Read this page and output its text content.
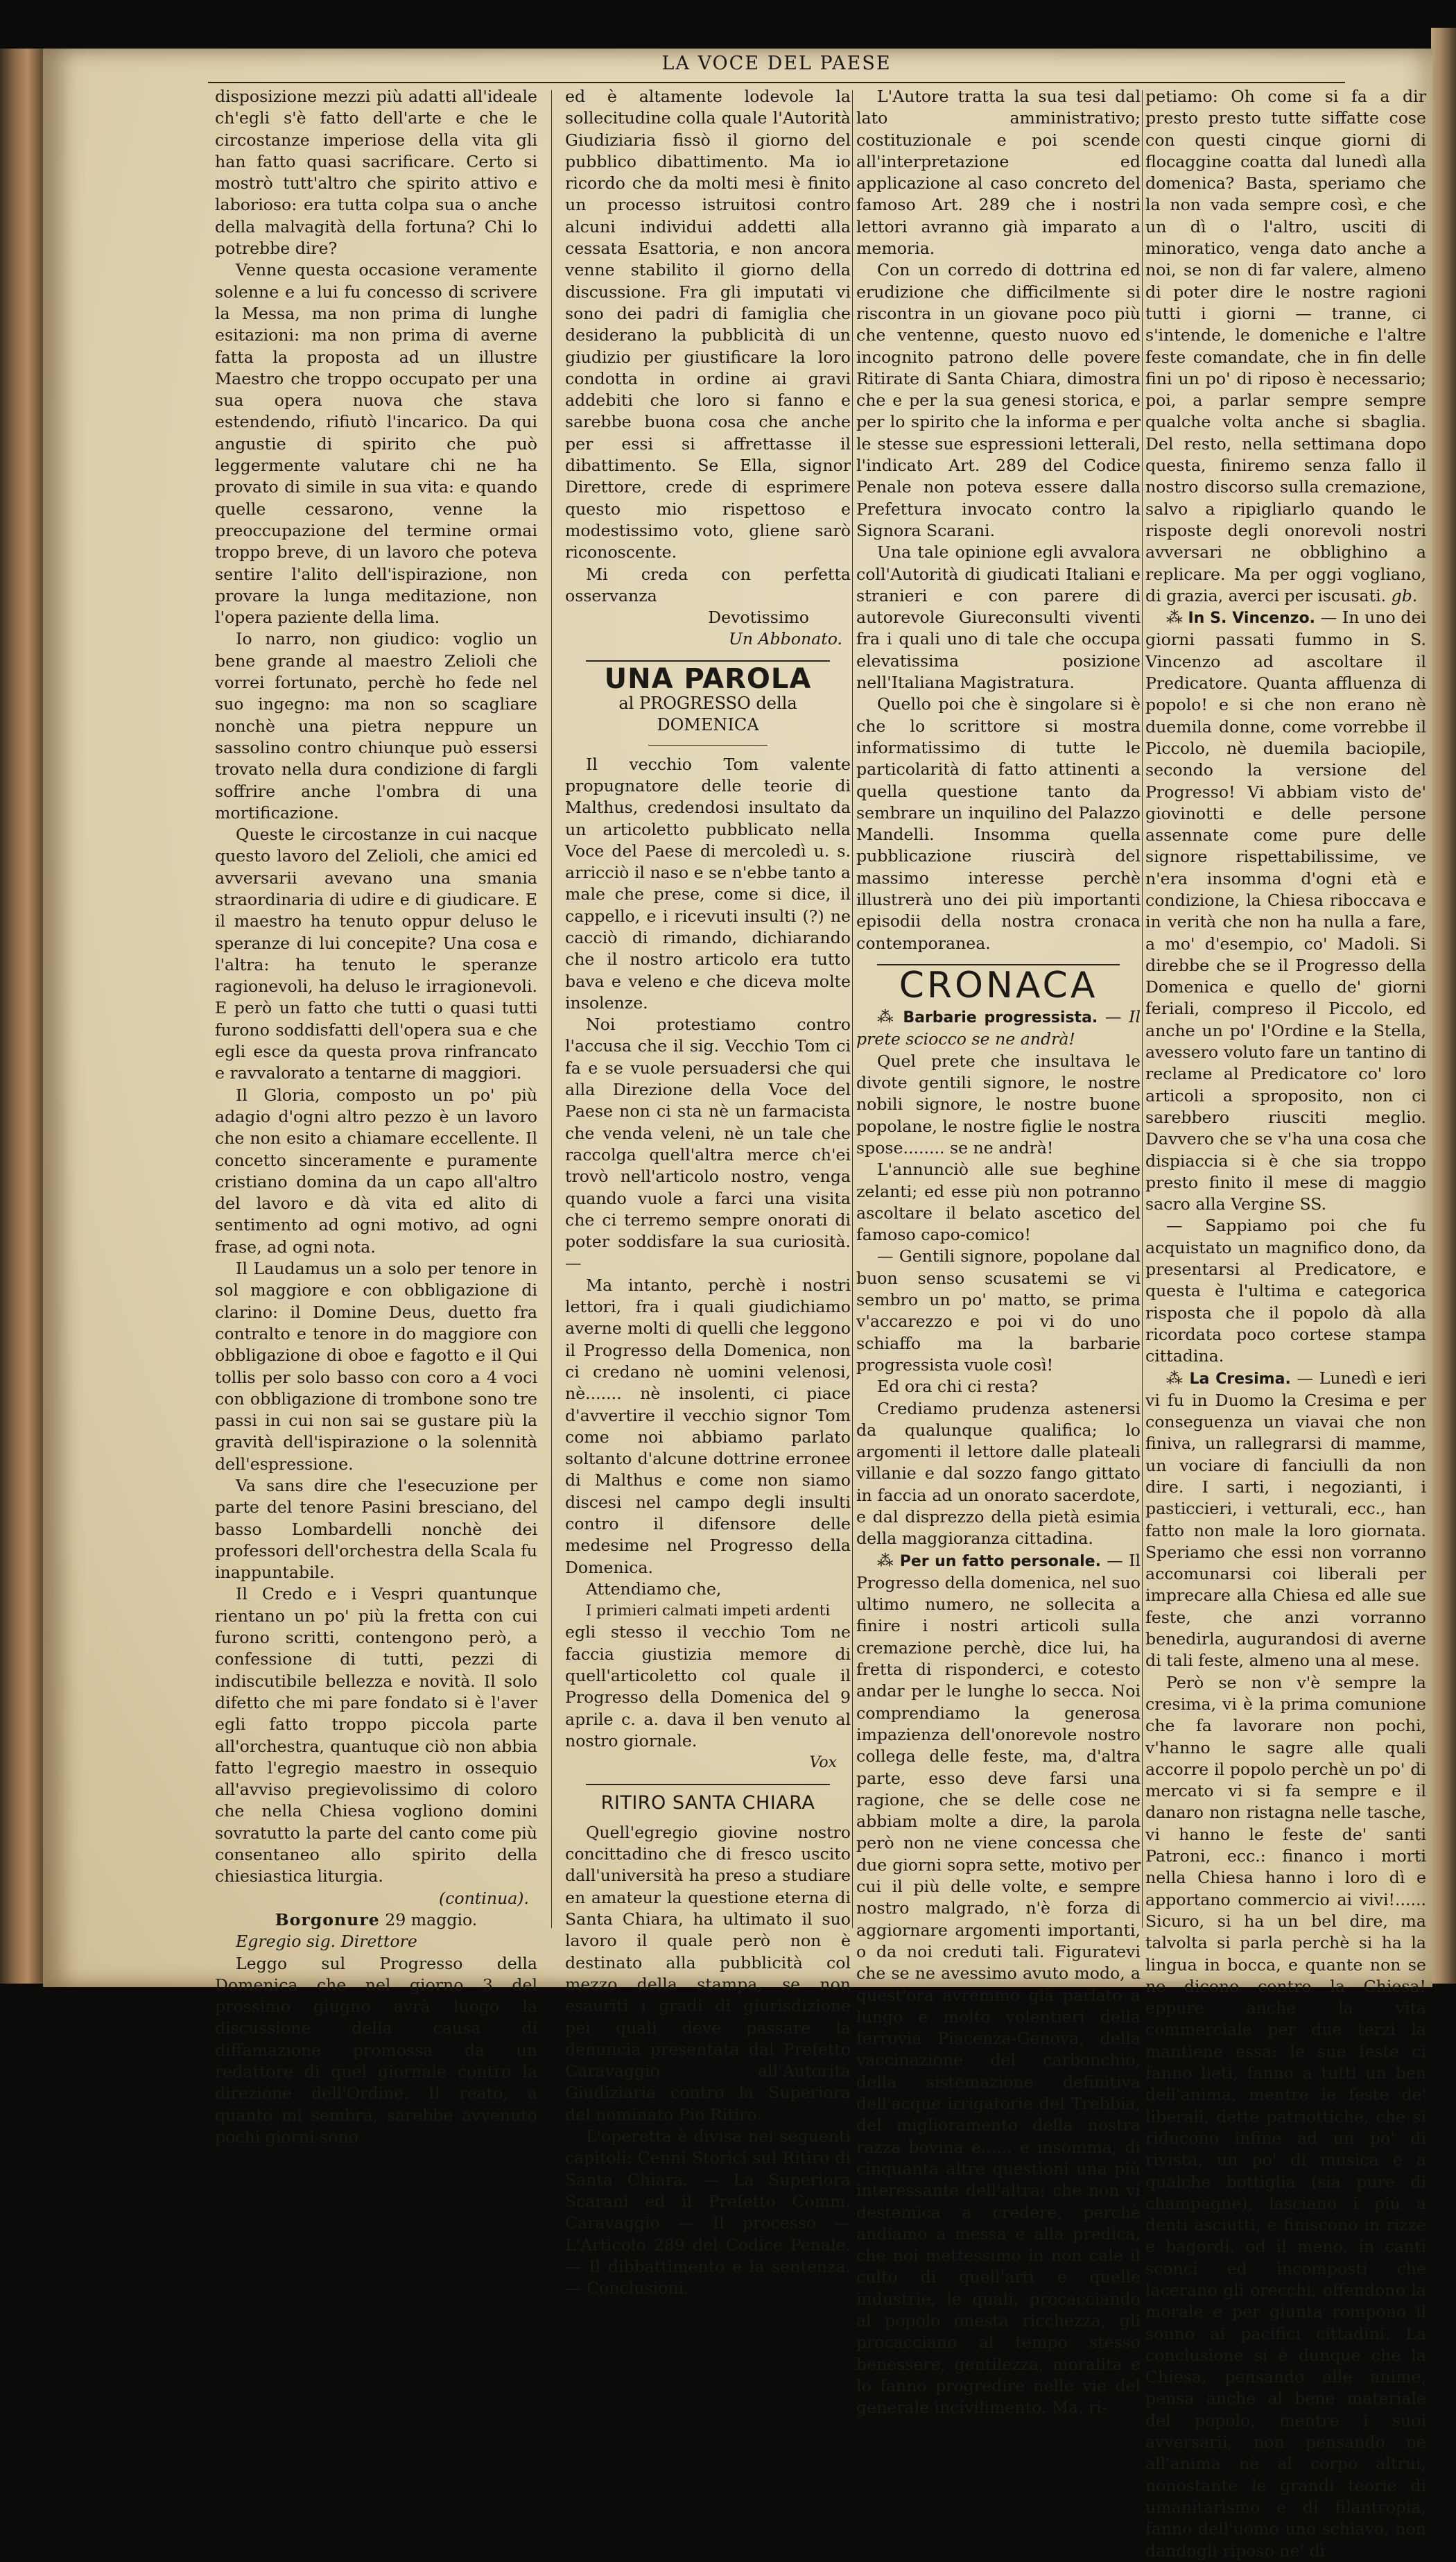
LA VOCE DEL PAESE

disposizione mezzi più adatti all'ideale ch'egli s'è fatto dell'arte e che le circostanze imperiose della vita gli han fatto quasi sacrificare. Certo si mostrò tutt'altro che spirito attivo e laborioso: era tutta colpa sua o anche della malvagità della fortuna? Chi lo potrebbe dire?

Venne questa occasione veramente solenne e a lui fu concesso di scrivere la Messa, ma non prima di lunghe esitazioni: ma non prima di averne fatta la proposta ad un illustre Maestro che troppo occupato per una sua opera nuova che stava estendendo, rifiutò l'incarico. Da qui angustie di spirito che può leggermente valutare chi ne ha provato di simile in sua vita: e quando quelle cessarono, venne la preoccupazione del termine ormai troppo breve, di un lavoro che poteva sentire l'alito dell'ispirazione, non provare la lunga meditazione, non l'opera paziente della lima.

Io narro, non giudico: voglio un bene grande al maestro Zelioli che vorrei fortunato, perchè ho fede nel suo ingegno: ma non so scagliare nonchè una pietra neppure un sassolino contro chiunque può essersi trovato nella dura condizione di fargli soffrire anche l'ombra di una mortificazione.

Queste le circostanze in cui nacque questo lavoro del Zelioli, che amici ed avversarii avevano una smania straordinaria di udire e di giudicare. E il maestro ha tenuto oppur deluso le speranze di lui concepite? Una cosa e l'altra: ha tenuto le speranze ragionevoli, ha deluso le irragionevoli. E però un fatto che tutti o quasi tutti furono soddisfatti dell'opera sua e che egli esce da questa prova rinfrancato e ravvalorato a tentarne di maggiori.

Il Gloria, composto un po' più adagio d'ogni altro pezzo è un lavoro che non esito a chiamare eccellente. Il concetto sinceramente e puramente cristiano domina da un capo all'altro del lavoro e dà vita ed alito di sentimento ad ogni motivo, ad ogni frase, ad ogni nota.

Il Laudamus un a solo per tenore in sol maggiore e con obbligazione di clarino: il Domine Deus, duetto fra contralto e tenore in do maggiore con obbligazione di oboe e fagotto e il Qui tollis per solo basso con coro a 4 voci con obbligazione di trombone sono tre passi in cui non sai se gustare più la gravità dell'ispirazione o la solennità dell'espressione.

Va sans dire che l'esecuzione per parte del tenore Pasini bresciano, del basso Lombardelli nonchè dei professori dell'orchestra della Scala fu inappuntabile.

Il Credo e i Vespri quantunque rientano un po' più la fretta con cui furono scritti, contengono però, a confessione di tutti, pezzi di indiscutibile bellezza e novità. Il solo difetto che mi pare fondato si è l'aver egli fatto troppo piccola parte all'orchestra, quantuque ciò non abbia fatto l'egregio maestro in ossequio all'avviso pregievolissimo di coloro che nella Chiesa vogliono domini sovratutto la parte del canto come più consentaneo allo spirito della chiesiastica liturgia.

(continua).

Borgonure 29 maggio.

Egregio sig. Direttore

Leggo sul Progresso della Domenica che nel giorno 3 del prossimo giugno avrà luogo la discussione della causa di diffamazione promossa da un redattore di quel giornale contro la direzione dell'Ordine. Il reato, a quanto mi sembra, sarebbe avvenuto pochi giorni sono

ed è altamente lodevole la sollecitudine colla quale l'Autorità Giudiziaria fissò il giorno del pubblico dibattimento. Ma io ricordo che da molti mesi è finito un processo istruitosi contro alcuni individui addetti alla cessata Esattoria, e non ancora venne stabilito il giorno della discussione. Fra gli imputati vi sono dei padri di famiglia che desiderano la pubblicità di un giudizio per giustificare la loro condotta in ordine ai gravi addebiti che loro si fanno e sarebbe buona cosa che anche per essi si affrettasse il dibattimento. Se Ella, signor Direttore, crede di esprimere questo mio rispettoso e modestissimo voto, gliene sarò riconoscente.

Mi creda con perfetta osservanza

Devotissimo

Un Abbonato.

UNA PAROLA
al PROGRESSO della DOMENICA

Il vecchio Tom valente propugnatore delle teorie di Malthus, credendosi insultato da un articoletto pubblicato nella Voce del Paese di mercoledì u. s. arricciò il naso e se n'ebbe tanto a male che prese, come si dice, il cappello, e i ricevuti insulti (?) ne cacciò di rimando, dichiarando che il nostro articolo era tutto bava e veleno e che diceva molte insolenze.

Noi protestiamo contro l'accusa che il sig. Vecchio Tom ci fa e se vuole persuadersi che qui alla Direzione della Voce del Paese non ci sta nè un farmacista che venda veleni, nè un tale che raccolga quell'altra merce ch'ei trovò nell'articolo nostro, venga quando vuole a farci una visita che ci terremo sempre onorati di poter soddisfare la sua curiosità. —

Ma intanto, perchè i nostri lettori, fra i quali giudichiamo averne molti di quelli che leggono il Progresso della Domenica, non ci credano nè uomini velenosi, nè....... nè insolenti, ci piace d'avvertire il vecchio signor Tom come noi abbiamo parlato soltanto d'alcune dottrine erronee di Malthus e come non siamo discesi nel campo degli insulti contro il difensore delle medesime nel Progresso della Domenica.

Attendiamo che,

I primieri calmati impeti ardenti

egli stesso il vecchio Tom ne faccia giustizia memore di quell'articoletto col quale il Progresso della Domenica del 9 aprile c. a. dava il ben venuto al nostro giornale.

Vox

RITIRO SANTA CHIARA

Quell'egregio giovine nostro concittadino che di fresco uscito dall'università ha preso a studiare en amateur la questione eterna di Santa Chiara, ha ultimato il suo lavoro il quale però non è destinato alla pubblicità col mezzo della stampa, se non esauriti i gradi di giurisdizione pei quali deve passare la denuncia presentata dal Prefetto Caravaggio all'Autorità Giudiziaria contro la Superiora del nominato Pio Ritiro.

L'operetta è divisa nei seguenti capitoli: Cenni Storici sul Ritiro di Santa Chiara. — La Superiora Scarani ed il Prefetto Comm. Caravaggio — Il processo — L'Articolo 289 del Codice Penale. — Il dibbattimento e la sentenza. — Conclusioni.

L'Autore tratta la sua tesi dal lato amministrativo; costituzionale e poi scende all'interpretazione ed applicazione al caso concreto del famoso Art. 289 che i nostri lettori avranno già imparato a memoria.

Con un corredo di dottrina ed erudizione che difficilmente si riscontra in un giovane poco più che ventenne, questo nuovo ed incognito patrono delle povere Ritirate di Santa Chiara, dimostra che e per la sua genesi storica, e per lo spirito che la informa e per le stesse sue espressioni letterali, l'indicato Art. 289 del Codice Penale non poteva essere dalla Prefettura invocato contro la Signora Scarani.

Una tale opinione egli avvalora coll'Autorità di giudicati Italiani e stranieri e con parere di autorevole Giureconsulti viventi fra i quali uno di tale che occupa elevatissima posizione nell'Italiana Magistratura.

Quello poi che è singolare si è che lo scrittore si mostra informatissimo di tutte le particolarità di fatto attinenti a quella questione tanto da sembrare un inquilino del Palazzo Mandelli. Insomma quella pubblicazione riuscirà del massimo interesse perchè illustrerà uno dei più importanti episodii della nostra cronaca contemporanea.

CRONACA

⁂ Barbarie progressista. — Il prete sciocco se ne andrà!

Quel prete che insultava le divote gentili signore, le nostre nobili signore, le nostre buone popolane, le nostre figlie le nostra spose........ se ne andrà!

L'annunciò alle sue beghine zelanti; ed esse più non potranno ascoltare il belato ascetico del famoso capo-comico!

— Gentili signore, popolane dal buon senso scusatemi se vi sembro un po' matto, se prima v'accarezzo e poi vi do uno schiaffo ma la barbarie progressista vuole così!

Ed ora chi ci resta?

Crediamo prudenza astenersi da qualunque qualifica; lo argomenti il lettore dalle plateali villanie e dal sozzo fango gittato in faccia ad un onorato sacerdote, e dal disprezzo della pietà esimia della maggioranza cittadina.

⁂ Per un fatto personale. — Il Progresso della domenica, nel suo ultimo numero, ne sollecita a finire i nostri articoli sulla cremazione perchè, dice lui, ha fretta di risponderci, e cotesto andar per le lunghe lo secca. Noi comprendiamo la generosa impazienza dell'onorevole nostro collega delle feste, ma, d'altra parte, esso deve farsi una ragione, che se delle cose ne abbiam molte a dire, la parola però non ne viene concessa che due giorni sopra sette, motivo per cui il più delle volte, e sempre nostro malgrado, n'è forza di aggiornare argomenti importanti, o da noi creduti tali. Figuratevi che se ne avessimo avuto modo, a quest'ora avremmo già parlato a lungo e molto volentieri della ferrovia Piacenza-Genova, della vaccinazione del carbonchio, della sistemazione definitiva dell'acque irrigatorie del Trebbia, del miglioramento della nostra razza bovina e...... e insomma, di cinquanta altre questioni una più interessante dell'altra; che non vi destemica a credere, perchè andiamo a messa e alla predica, che noi mettessimo in non cale il culto di quell'arti e quelle industrie, le quali, procacciando al popolo onesta ricchezza, gli procacciano al tempo stesso benessere, gentilezza, moralità e lo fanno progredire nelle vie del generale incivilimento. Ma, ri-

petiamo: Oh come si fa a dir presto presto tutte siffatte cose con questi cinque giorni di flocaggine coatta dal lunedì alla domenica? Basta, speriamo che la non vada sempre così, e che un dì o l'altro, usciti di minoratico, venga dato anche a noi, se non di far valere, almeno di poter dire le nostre ragioni tutti i giorni — tranne, ci s'intende, le domeniche e l'altre feste comandate, che in fin delle fini un po' di riposo è necessario; poi, a parlar sempre sempre qualche volta anche si sbaglia. Del resto, nella settimana dopo questa, finiremo senza fallo il nostro discorso sulla cremazione, salvo a ripigliarlo quando le risposte degli onorevoli nostri avversari ne obblighino a replicare. Ma per oggi vogliano, di grazia, averci per iscusati. gb.

⁂ In S. Vincenzo. — In uno dei giorni passati fummo in S. Vincenzo ad ascoltare il Predicatore. Quanta affluenza di popolo! e si che non erano nè duemila donne, come vorrebbe il Piccolo, nè duemila baciopile, secondo la versione del Progresso! Vi abbiam visto de' giovinotti e delle persone assennate come pure delle signore rispettabilissime, ve n'era insomma d'ogni età e condizione, la Chiesa riboccava e in verità che non ha nulla a fare, a mo' d'esempio, co' Madoli. Si direbbe che se il Progresso della Domenica e quello de' giorni feriali, compreso il Piccolo, ed anche un po' l'Ordine e la Stella, avessero voluto fare un tantino di reclame al Predicatore co' loro articoli a sproposito, non ci sarebbero riusciti meglio. Davvero che se v'ha una cosa che dispiaccia si è che sia troppo presto finito il mese di maggio sacro alla Vergine SS.

— Sappiamo poi che fu acquistato un magnifico dono, da presentarsi al Predicatore, e questa è l'ultima e categorica risposta che il popolo dà alla ricordata poco cortese stampa cittadina.

⁂ La Cresima. — Lunedì e ieri vi fu in Duomo la Cresima e per conseguenza un viavai che non finiva, un rallegrarsi di mamme, un vociare di fanciulli da non dire. I sarti, i negozianti, i pasticcieri, i vetturali, ecc., han fatto non male la loro giornata. Speriamo che essi non vorranno accomunarsi coi liberali per imprecare alla Chiesa ed alle sue feste, che anzi vorranno benedirla, augurandosi di averne di tali feste, almeno una al mese.

Però se non v'è sempre la cresima, vi è la prima comunione che fa lavorare non pochi, v'hanno le sagre alle quali accorre il popolo perchè un po' di mercato vi si fa sempre e il danaro non ristagna nelle tasche, vi hanno le feste de' santi Patroni, ecc.: financo i morti nella Chiesa hanno i loro dì e apportano commercio ai vivi!...... Sicuro, si ha un bel dire, ma talvolta si parla perchè si ha la lingua in bocca, e quante non se ne dicono contro la Chiesa! eppure anche la vita commerciale per due terzi la mantiene essa: le sue feste ci fanno lieti, fanno a tutti un ben dell'anima, mentre le feste de' liberali, dette patriottiche, che si riducono infine ad un po' di rivista, un po' di musica e a qualche bottiglia (sia pure di champagne), lasciano i più a denti asciutti, e finiscono in rizze e bagordi, od il meno, in canti sconci ed incomposti che lacerano gli orecchi, offendono la morale e per giunta rompono il sonno ai pacifici cittadini. La conclusione si è dunque che la Chiesa, pensando alle anime, pensa anche al bene materiale del popolo, mentre i suoi avversarii, non pensando nè all'anima nè al corpo altrui, nonostante le grandi teorie di umanitarismo e di filantropia, fanno dell'uomo uno schiavo, non dandogli riposo ne' dì
